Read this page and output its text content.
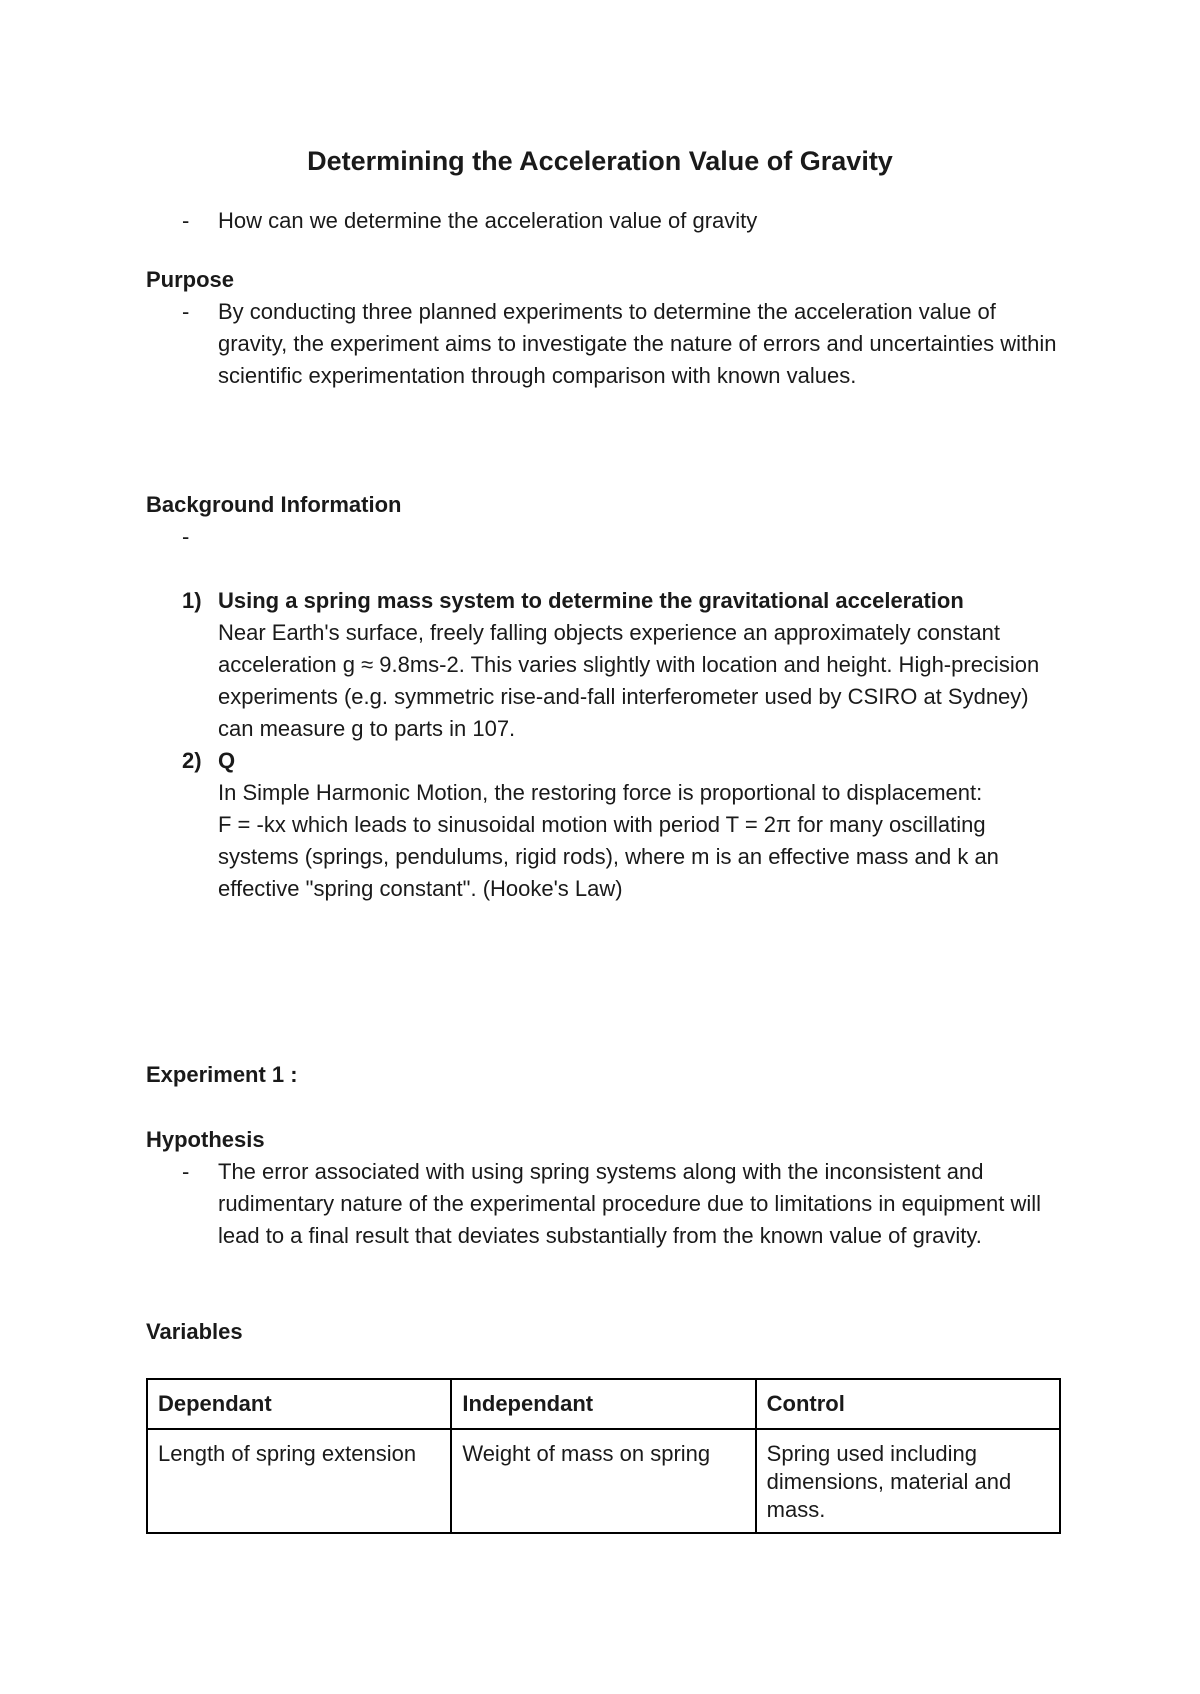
Determining the Acceleration Value of Gravity
- How can we determine the acceleration value of gravity
Purpose
- By conducting three planned experiments to determine the acceleration value of gravity, the experiment aims to investigate the nature of errors and uncertainties within scientific experimentation through comparison with known values.
Background Information
-
1) Using a spring mass system to determine the gravitational acceleration
Near Earth's surface, freely falling objects experience an approximately constant acceleration g ≈ 9.8ms-2. This varies slightly with location and height. High-precision experiments (e.g. symmetric rise-and-fall interferometer used by CSIRO at Sydney) can measure g to parts in 107.
2) Q
In Simple Harmonic Motion, the restoring force is proportional to displacement:
F = -kx which leads to sinusoidal motion with period T = 2π for many oscillating systems (springs, pendulums, rigid rods), where m is an effective mass and k an effective "spring constant". (Hooke's Law)
Experiment 1 :
Hypothesis
- The error associated with using spring systems along with the inconsistent and rudimentary nature of the experimental procedure due to limitations in equipment will lead to a final result that deviates substantially from the known value of gravity.
Variables
Dependant	Independant	Control
Length of spring extension	Weight of mass on spring	Spring used including dimensions, material and mass.
